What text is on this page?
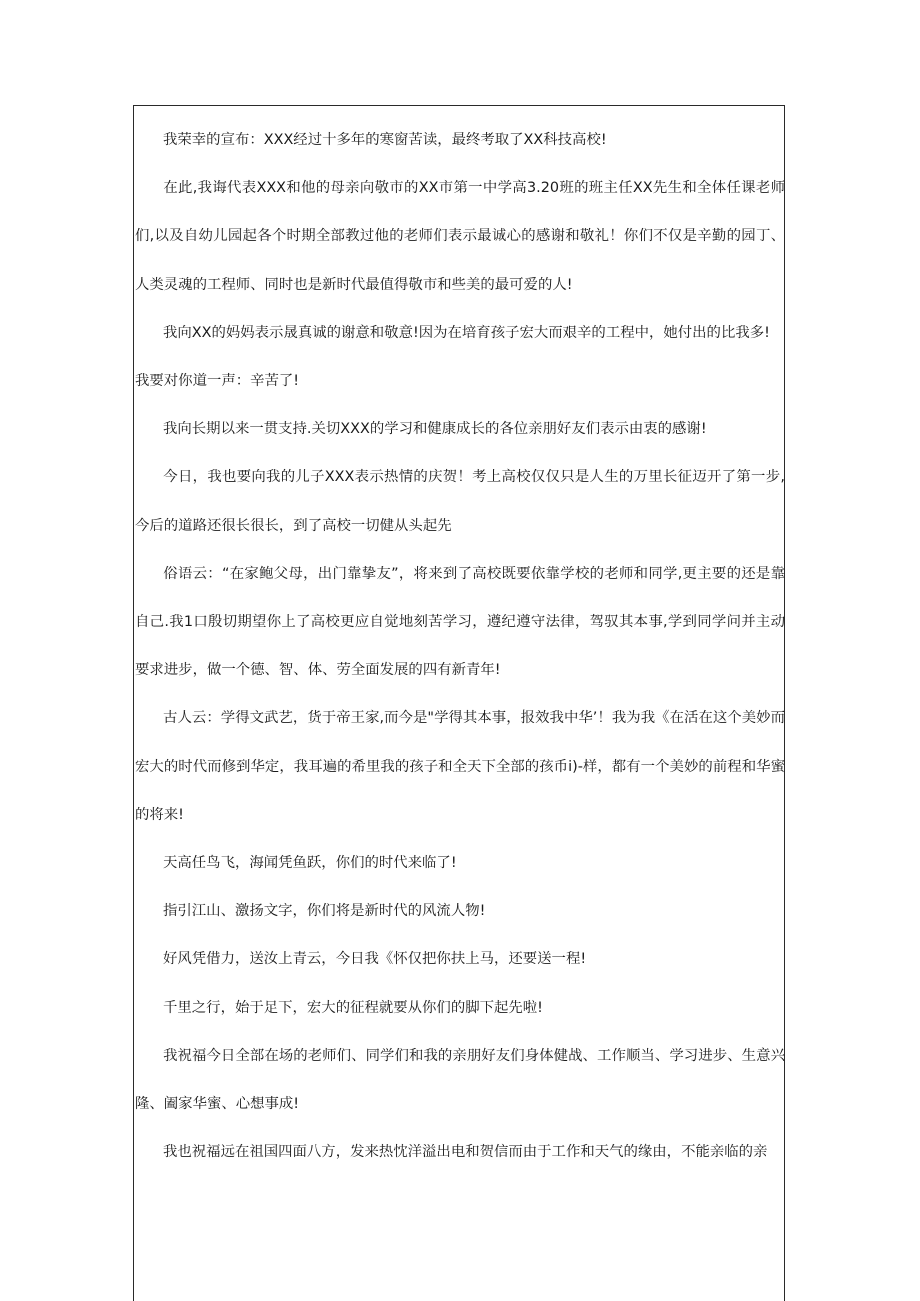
我荣幸的宣布：XXX经过十多年的寒窗苦读，最终考取了XX科技高校!

在此,我诲代表XXX和他的母亲向敬市的XX市第一中学高3.20班的班主任XX先生和全体任课老师们,以及自幼儿园起各个时期全部教过他的老师们表示最诚心的感谢和敬礼！你们不仅是辛勤的园丁、人类灵魂的工程师、同时也是新时代最值得敬市和些美的最可爱的人!

我向XX的妈妈表示晟真诚的谢意和敬意!因为在培育孩子宏大而艰辛的工程中，她付出的比我多!

我要对你道一声：辛苦了!

我向长期以来一贯支持.关切XXX的学习和健康成长的各位亲朋好友们表示由衷的感谢!

今日，我也要向我的儿子XXX表示热情的庆贺！考上高校仅仅只是人生的万里长征迈开了第一步,今后的道路还很长很长，到了高校一切健从头起先

俗语云：“在家鲍父母，出门靠挚友”，将来到了高校既要依靠学校的老师和同学,更主要的还是靠自己.我1口殷切期望你上了高校更应自觉地刻苦学习，遵纪遵守法律，驾驭其本事,学到同学问并主动要求进步，做一个德、智、体、劳全面发展的四有新青年!

古人云：学得文武艺，货于帝王家,而今是"学得其本事，报效我中华’！我为我《在活在这个美妙而宏大的时代而修到华定，我耳遍的希里我的孩子和全天下全部的孩币i)-样，都有一个美妙的前程和华蜜的将来!

天高任鸟飞，海闻凭鱼跃，你们的时代来临了!

指引江山、激扬文字，你们将是新时代的风流人物!

好风凭借力，送汝上青云，今日我《怀仅把你扶上马，还要送一程!

千里之行，始于足下，宏大的征程就要从你们的脚下起先啦!

我祝福今日全部在场的老师们、同学们和我的亲朋好友们身体健战、工作顺当、学习进步、生意兴隆、阖家华蜜、心想事成!

我也祝福远在祖国四面八方，发来热忱洋溢出电和贺信而由于工作和天气的缘由，不能亲临的亲
